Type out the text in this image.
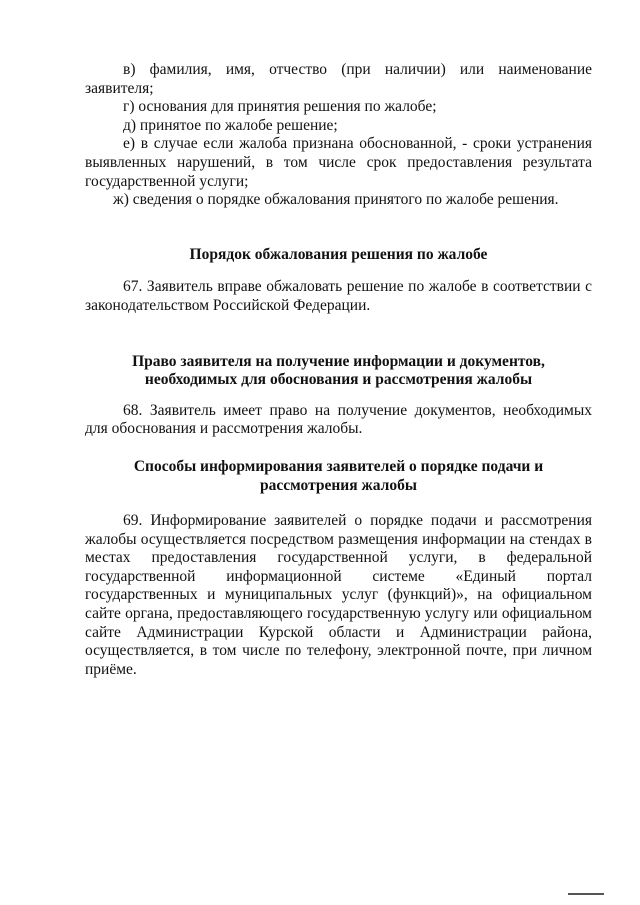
в) фамилия, имя, отчество (при наличии) или наименование заявителя;

г) основания для принятия решения по жалобе;

д) принятое по жалобе решение;

е) в случае если жалоба признана обоснованной, - сроки устранения выявленных нарушений, в том числе срок предоставления результата государственной услуги;

ж) сведения о порядке обжалования принятого по жалобе решения.

Порядок обжалования решения по жалобе

67. Заявитель вправе обжаловать решение по жалобе в соответствии с законодательством Российской Федерации.

Право заявителя на получение информации и документов, необходимых для обоснования и рассмотрения жалобы

68. Заявитель имеет право на получение документов, необходимых для обоснования и рассмотрения жалобы.

Способы информирования заявителей о порядке подачи и рассмотрения жалобы

69. Информирование заявителей о порядке подачи и рассмотрения жалобы осуществляется посредством размещения информации на стендах в местах предоставления государственной услуги, в федеральной государственной информационной системе «Единый портал государственных и муниципальных услуг (функций)», на официальном сайте органа, предоставляющего государственную услугу или официальном сайте Администрации Курской области и Администрации района, осуществляется, в том числе по телефону, электронной почте, при личном приёме.
